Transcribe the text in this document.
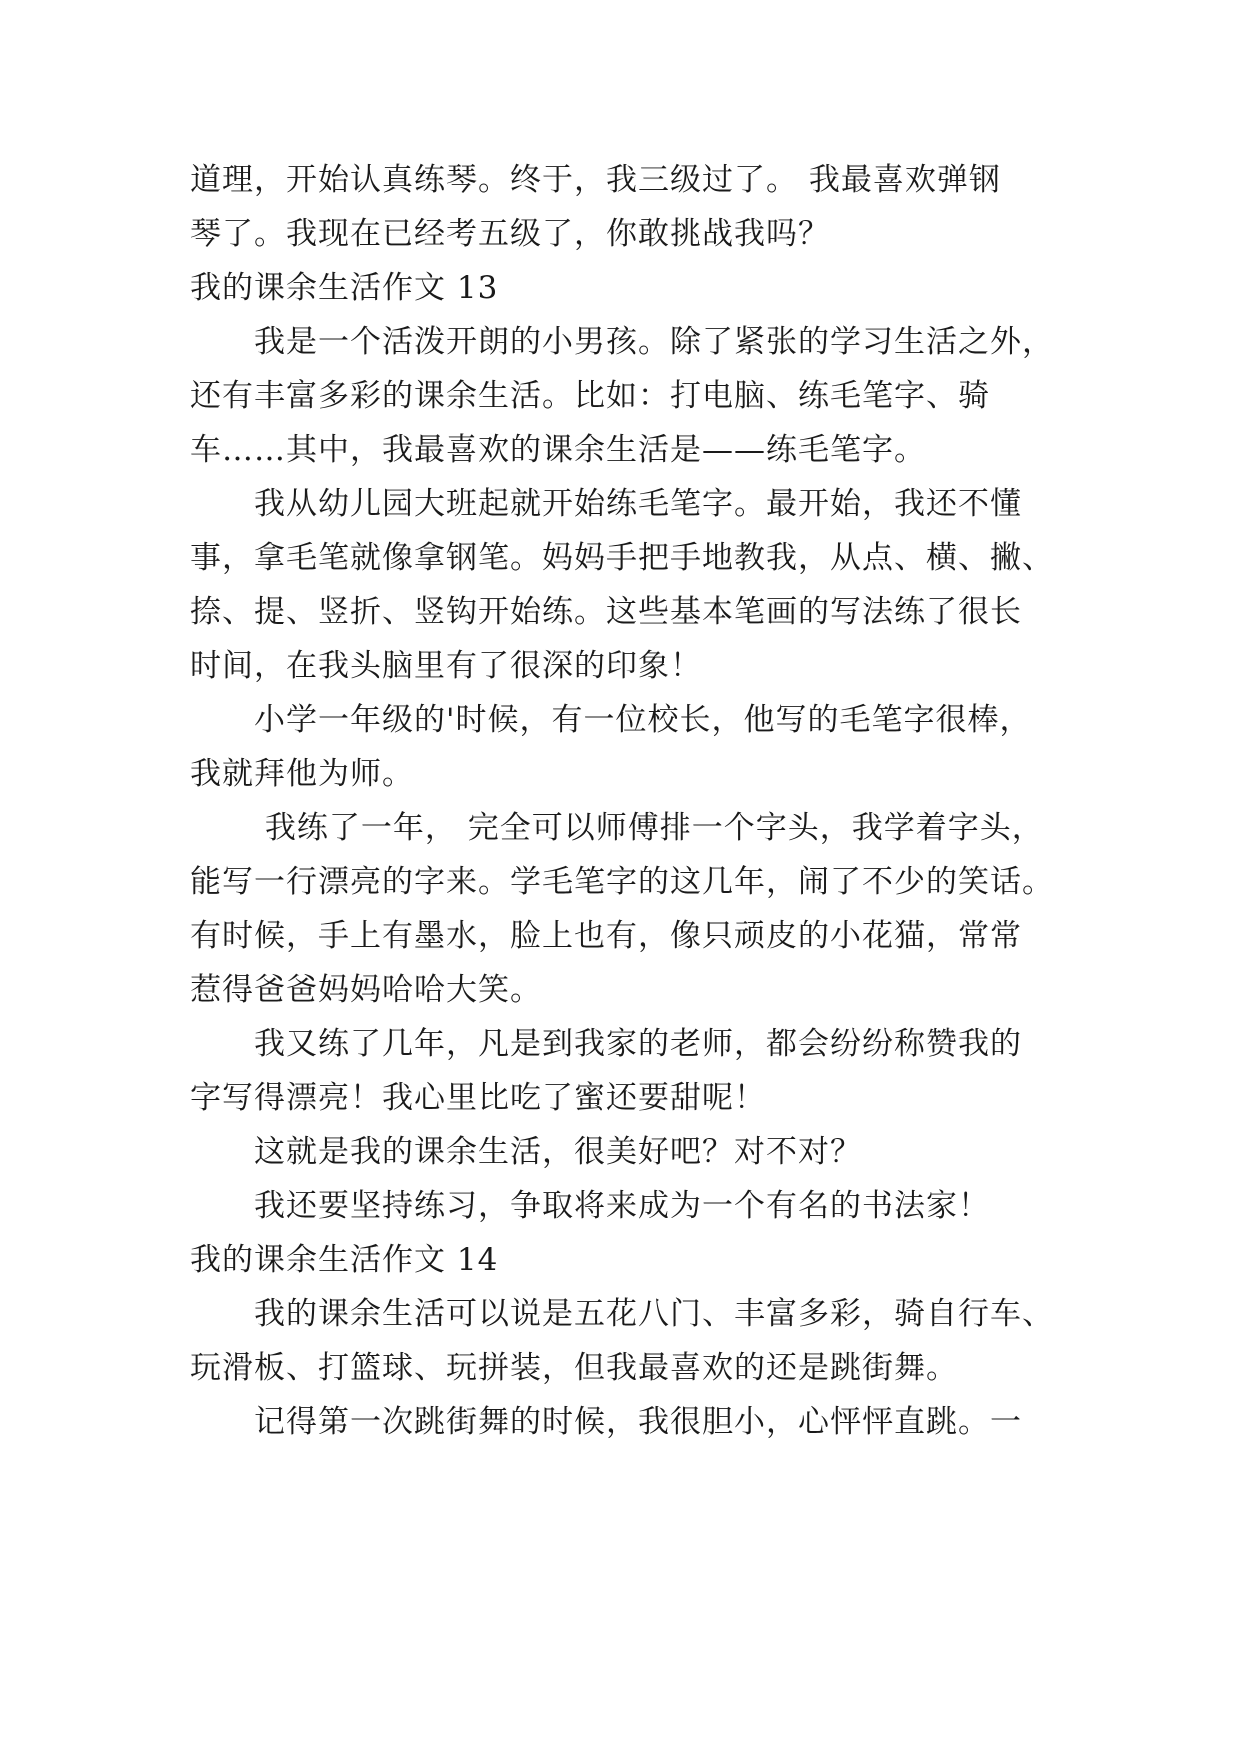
道理，开始认真练琴。终于，我三级过了。 我最喜欢弹钢
琴了。我现在已经考五级了，你敢挑战我吗？
我的课余生活作文 13
　　我是一个活泼开朗的小男孩。除了紧张的学习生活之外，
还有丰富多彩的课余生活。比如：打电脑、练毛笔字、骑
车……其中，我最喜欢的课余生活是——练毛笔字。
　　我从幼儿园大班起就开始练毛笔字。最开始，我还不懂
事，拿毛笔就像拿钢笔。妈妈手把手地教我，从点、横、撇、
捺、提、竖折、竖钩开始练。这些基本笔画的写法练了很长
时间，在我头脑里有了很深的印象！
　　小学一年级的'时候，有一位校长，他写的毛笔字很棒，
我就拜他为师。
　　 我练了一年， 完全可以师傅排一个字头，我学着字头，
能写一行漂亮的字来。学毛笔字的这几年，闹了不少的笑话。
有时候，手上有墨水，脸上也有，像只顽皮的小花猫，常常
惹得爸爸妈妈哈哈大笑。
　　我又练了几年，凡是到我家的老师，都会纷纷称赞我的
字写得漂亮！我心里比吃了蜜还要甜呢！
　　这就是我的课余生活，很美好吧？对不对？
　　我还要坚持练习，争取将来成为一个有名的书法家！
我的课余生活作文 14
　　我的课余生活可以说是五花八门、丰富多彩，骑自行车、
玩滑板、打篮球、玩拼装，但我最喜欢的还是跳街舞。
　　记得第一次跳街舞的时候，我很胆小，心怦怦直跳。一
